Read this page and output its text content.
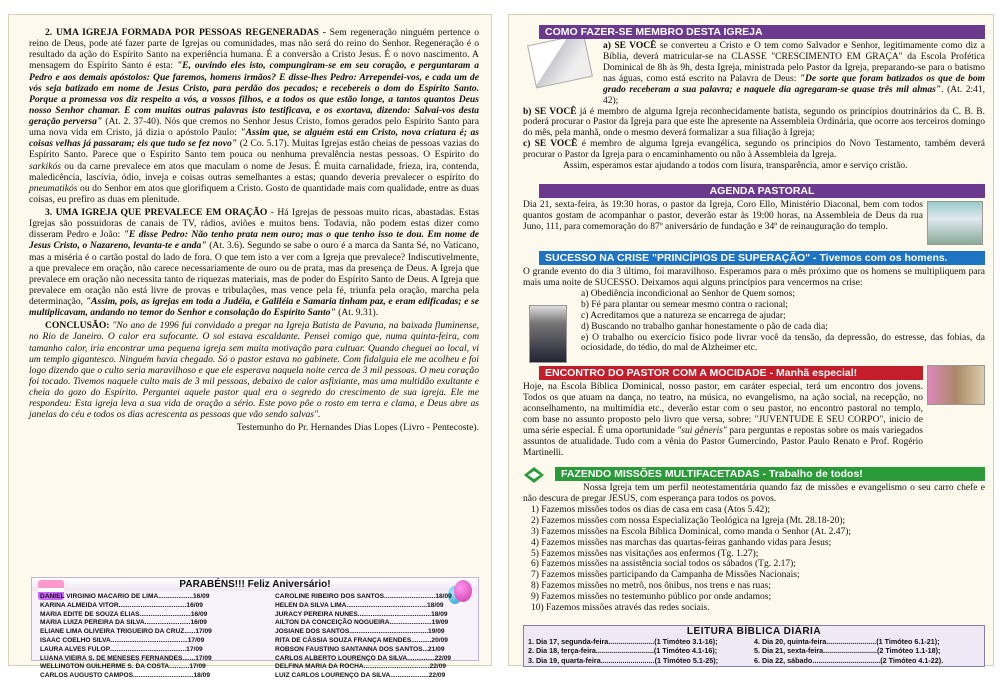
2. UMA IGREJA FORMADA POR PESSOAS REGENERADAS - Sem regeneração ninguém pertence o reino de Deus, pode até fazer parte de Igrejas ou comunidades, mas não será do reino do Senhor. Regeneração é o resultado da ação do Espírito Santo na experiência humana. É a conversão a Cristo Jesus. É o novo nascimento. A mensagem do Espírito Santo é esta: "E, ouvindo eles isto, compungiram-se em seu coração, e perguntaram a Pedro e aos demais apóstolos: Que faremos, homens irmãos? E disse-lhes Pedro: Arrependei-vos, e cada um de vós seja batizado em nome de Jesus Cristo, para perdão dos pecados; e recebereis o dom do Espírito Santo. Porque a promessa vos diz respeito a vós, a vossos filhos, e a todos os que estão longe, a tantos quantos Deus nosso Senhor chamar. E com muitas outras palavras isto testificava, e os exortava, dizendo: Salvai-vos desta geração perversa" (At. 2. 37-40). Nós que cremos no Senhor Jesus Cristo, fomos gerados pelo Espírito Santo para uma nova vida em Cristo, já dizia o apóstolo Paulo: "Assim que, se alguém está em Cristo, nova criatura é; as coisas velhas já passaram; eis que tudo se fez novo" (2 Co. 5.17). Muitas Igrejas estão cheias de pessoas vazias do Espírito Santo. Parece que o Espírito Santo tem pouca ou nenhuma prevalência nestas pessoas. O Espírito do sarkikós ou da carne prevalece em atos que maculam o nome de Jesus. É muita carnalidade, frieza, ira, contenda, maledicência, lascívia, ódio, inveja e coisas outras semelhantes a estas; quando deveria prevalecer o espírito do pneumatikós ou do Senhor em atos que glorifiquem a Cristo. Gosto de quantidade mais com qualidade, entre as duas coisas, eu prefiro as duas em plenitude.

3. UMA IGREJA QUE PREVALECE EM ORAÇÃO - Há Igrejas de pessoas muito ricas, abastadas. Estas Igrejas são possuidoras de canais de TV, rádios, aviões e muitos bens. Todavia, não podem estas dizer como disseram Pedro e João: "E disse Pedro: Não tenho prata nem ouro; mas o que tenho isso te dou. Em nome de Jesus Cristo, o Nazareno, levanta-te e anda" (At. 3.6). Segundo se sabe o ouro é a marca da Santa Sé, no Vaticano, mas a miséria é o cartão postal do lado de fora. O que tem isto a ver com a Igreja que prevalece? Indiscutivelmente, a que prevalece em oração, não carece necessariamente de ouro ou de prata, mas da presença de Deus. A Igreja que prevalece em oração não necessita tanto de riquezas materiais, mas de poder do Espírito Santo de Deus. A Igreja que prevalece em oração não está livre de provas e tribulações, mas vence pela fé, triunfa pela oração, marcha pela determinação, "Assim, pois, as igrejas em toda a Judéia, e Galiléia e Samaria tinham paz, e eram edificadas; e se multiplicavam, andando no temor do Senhor e consolação do Espírito Santo" (At. 9.31).

CONCLUSÃO: "No ano de 1996 fui convidado a pregar na Igreja Batista de Pavuna, na baixada fluminense, no Rio de Janeiro. O calor era sufocante. O sol estava escaldante. Pensei comigo que, numa quinta-feira, com tamanho calor, iria encontrar uma pequena igreja sem muita motivação para cultuar. Quando cheguei ao local, vi um templo gigantesco. Ninguém havia chegado. Só o pastor estava no gabinete. Com fidalguia ele me acolheu e foi logo dizendo que o culto seria maravilhoso e que ele esperava naquela noite cerca de 3 mil pessoas. O meu coração foi tocado. Tivemos naquele culto mais de 3 mil pessoas, debaixo de calor asfixiante, mas uma multidão exultante e cheia do gozo do Espírito. Perguntei aquele pastor qual era o segredo do crescimento de sua igreja. Ele me respondeu: Esta igreja leva a sua vida de oração a sério. Este povo pôe o rosto em terra e clama, e Deus abre as janelas do céu e todos os dias acrescenta as pessoas que vão sendo salvas".

Testemunho do Pr. Hernandes Dias Lopes (Livro - Pentecoste).
PARABÉNS!!! Feliz Aniversário!
DANIEL VIRGINIO MACARIO DE LIMA...................16/09
KARINA ALMEIDA VITOR.....................................16/09
MARIA EDITE DE SOUZA ELIAS............................16/09
MARIA LUIZA PEREIRA DA SILVA.........................16/09
ELIANE LIMA OLIVEIRA TRIGUEIRO DA CRUZ......17/09
ISAAC COELHO SILVA..........................................17/09
LAURA ALVES FULOP..........................................17/09
LUANA VIEIRA S. DE MENESES FERNANDES.......17/09
WELLINGTON GUILHERME S. DA COSTA...........17/09
CARLOS AUGUSTO CAMPOS.................................18/09
CAROLINE RIBEIRO DOS SANTOS............................18/09
HELEN DA SILVA LIMA............................................18/09
JURACY PEREIRA NUNES........................................18/09
AILTON DA CONCEIÇÃO NOGUEIRA.......................19/09
JOSIANE DOS SANTOS...........................................19/09
RITA DE CÁSSIA SOUZA FRANÇA MENDES...........20/09
ROBSON FAUSTINO SANTANNA DOS SANTOS...21/09
CARLOS ALBERTO LOURENÇO DA SILVA...............22/09
DELFINA MARIA DA ROCHA....................................22/09
LUIZ CARLOS LOURENÇO DA SILVA.....................22/09
COMO FAZER-SE MEMBRO DESTA IGREJA
a) SE VOCÊ se converteu a Cristo e O tem como Salvador e Senhor, legitimamente como diz a Bíblia, deverá matricular-se na CLASSE "CRESCIMENTO EM GRAÇA" da Escola Profética Dominical de 8h às 9h, desta Igreja, ministrada pelo Pastor da Igreja, preparando-se para o batismo nas águas, como está escrito na Palavra de Deus: "De sorte que foram batizados os que de bom grado receberam a sua palavra; e naquele dia agregaram-se quase três mil almas". (At. 2:41, 42);
b) SE VOCÊ já é membro de alguma Igreja reconhecidamente batista, segundo os princípios doutrinários da C. B. B. poderá procurar o Pastor da Igreja para que este lhe apresente na Assembleia Ordinária, que ocorre aos terceiros domingo do mês, pela manhã, onde o mesmo deverá formalizar a sua filiação à Igreja;
c) SE VOCÊ é membro de alguma Igreja evangélica, segundo os princípios do Novo Testamento, também deverá procurar o Pastor da Igreja para o encaminhamento ou não à Assembleia da Igreja.
Assim, esperamos estar ajudando a todos com lisura, transparência, amor e serviço cristão.
AGENDA PASTORAL
Dia 21, sexta-feira, às 19:30 horas, o pastor da Igreja, Coro Ello, Ministério Diaconal, bem com todos quantos gostam de acompanhar o pastor, deverão estar às 19:00 horas, na Assembleia de Deus da rua Juno, 111, para comemoração do 87º aniversário de fundação e 34º de reinauguração do templo.
SUCESSO NA CRISE "PRINCÍPIOS DE SUPERAÇÃO" - Tivemos com os homens.
O grande evento do dia 3 último, foi maravilhoso. Esperamos para o mês próximo que os homens se multipliquem para mais uma noite de SUCESSO. Deixamos aqui alguns princípios para vencermos na crise:
a) Obediência incondicional ao Senhor de Quem somos;
b) Fé para plantar ou semear mesmo contra o racional;
c) Acreditamos que a natureza se encarrega de ajudar;
d) Buscando no trabalho ganhar honestamente o pão de cada dia;
e) O trabalho ou exercício físico pode livrar você da tensão, da depressão, do estresse, das fobias, da ociosidade, do tédio, do mal de Alzheimer etc.
ENCONTRO DO PASTOR COM A MOCIDADE - Manhã especial!
Hoje, na Escola Bíblica Dominical, nosso pastor, em caráter especial, terá um encontro dos jovens. Todos os que atuam na dança, no teatro, na música, no evangelismo, na ação social, na recepção, no aconselhamento, na multimídia etc., deverão estar com o seu pastor, no encontro pastoral no templo, com base no assunto proposto pelo livro que versa, sobre: "JUVENTUDE E SEU CORPO", inicio de uma série especial. É uma oportunidade "sui gêneris" para perguntas e repostas sobre os mais variegados assuntos de atualidade. Tudo com a vênia do Pastor Gumercindo, Pastor Paulo Renato e Prof. Rogério Martinelli.
FAZENDO MISSÕES MULTIFACETADAS - Trabalho de todos!
Nossa Igreja tem um perfil neotestamentária quando faz de missões e evangelismo o seu carro chefe e não descura de pregar JESUS, com esperança para todos os povos.
1) Fazemos missões todos os dias de casa em casa (Atos 5.42);
2) Fazemos missões com nossa Especialização Teológica na Igreja (Mt. 28.18-20);
3) Fazemos missões na Escola Bíblica Dominical, como manda o Senhor (At. 2.47);
4) Fazemos missões nas marchas das quartas-feiras ganhando vidas para Jesus;
5) Fazemos missões nas visitações aos enfermos (Tg. 1.27);
6) Fazemos missões na assistência social todos os sábados (Tg. 2.17);
7) Fazemos missões participando da Campanha de Missões Nacionais;
8) Fazemos missões no metrô, nos ônibus, nos trens e nas ruas;
9) Fazemos missões no testemunho público por onde andamos;
10) Fazemos missões através das redes sociais.
LEITURA BÍBLICA DIÁRIA
1. Dia 17, segunda-feira.......................(1 Timóteo 3.1-16);
2. Dia 18, terça-feira.............................(1 Timóteo 4.1-16);
3. Dia 19, quarta-feira...........................(1 Timóteo 5.1-25);
4. Dia 20, quinta-feira.........................(1 Timóteo 6.1-21);
5. Dia 21, sexta-feira...........................(2 Timóteo 1.1-18);
6. Dia 22, sábado..................................(2 Timóteo 4.1-22).
